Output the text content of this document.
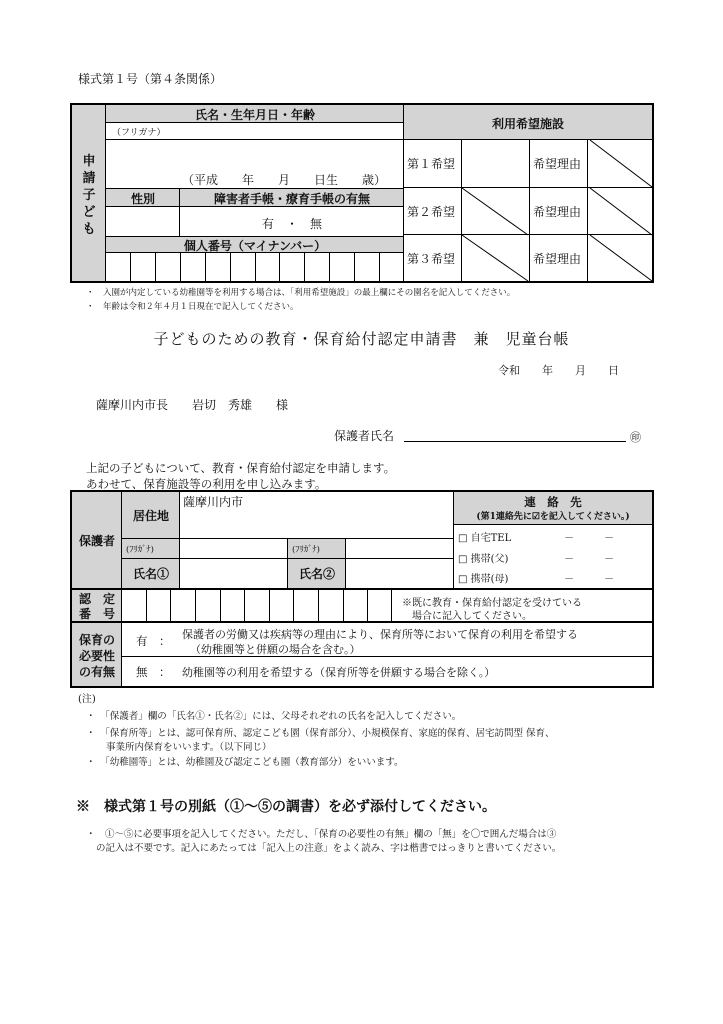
様式第１号（第４条関係）
申
請
子
ど
も
氏名・生年月日・年齢
（フリガナ）
（平成　　年　　月　　日生　　歳）
性別	障害者手帳・療育手帳の有無
有　・　無
個人番号（マイナンバー）
利用希望施設
第１希望	希望理由
第２希望	希望理由
第３希望	希望理由
・　 入園が内定している幼稚園等を利用する場合は、「利用希望施設」の最上欄にその園名を記入してください。
・　 年齢は令和２年４月１日現在で記入してください。
子どものための教育・保育給付認定申請書　兼　児童台帳
令和　　年　　月　　日
薩摩川内市長　　岩切　秀雄　　様
保護者氏名	㊞
上記の子どもについて、教育・保育給付認定を申請します。
あわせて、保育施設等の利用を申し込みます。
保護者
居住地
薩摩川内市
(ﾌﾘｶﾞﾅ)	(ﾌﾘｶﾞﾅ)
氏名①	氏名②
連　絡　先
(第1連絡先に☑を記入してください。)
□ 自宅TEL	－	－
□ 携帯(父)	－	－
□ 携帯(母)	－	－
認　定
番　号
※既に教育・保育給付認定を受けている
場合に記入してください。
保育の
必要性
の有無
有　： 保護者の労働又は疾病等の理由により、保育所等において保育の利用を希望する
（幼稚園等と併願の場合を含む。）
無　： 幼稚園等の利用を希望する（保育所等を併願する場合を除く。）
(注)
・　 「保護者」欄の「氏名①・氏名②」には、父母それぞれの氏名を記入してください。
・　 「保育所等」とは、認可保育所、認定こども園（保育部分）、小規模保育、家庭的保育、居宅訪問型 保育、
事業所内保育をいいます。（以下同じ）
・　 「幼稚園等」とは、幼稚園及び認定こども園（教育部分）をいいます。
※　様式第１号の別紙（①～⑤の調書）を必ず添付してください。
・　 ①～⑤に必要事項を記入してください。ただし、「保育の必要性の有無」欄の「無」を〇で囲んだ場合は③
の記入は不要です。記入にあたっては「記入上の注意」をよく読み、字は楷書ではっきりと書いてください。
